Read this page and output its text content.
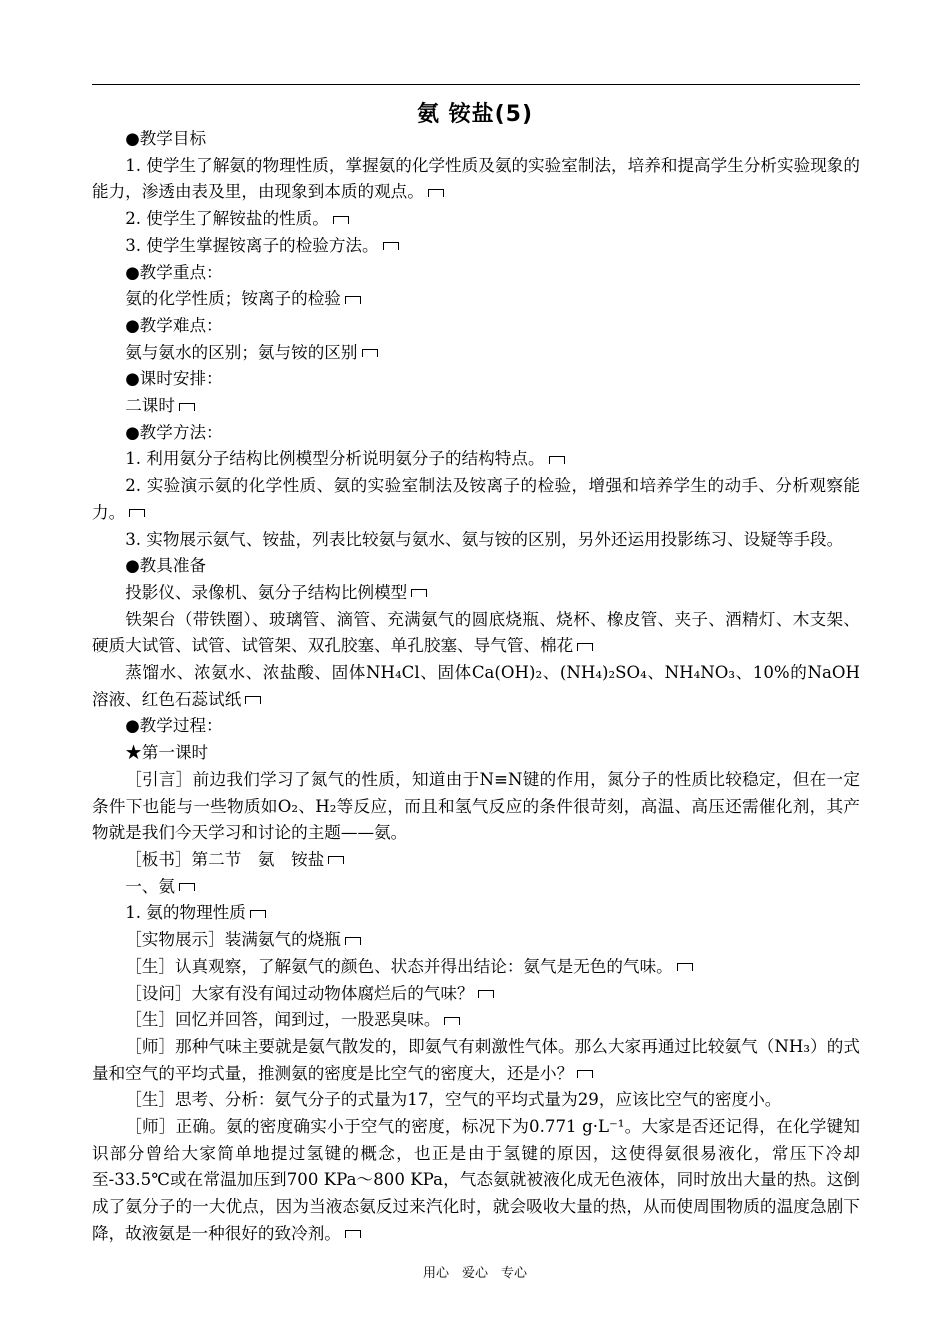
氨 铵盐(5)

●教学目标

1. 使学生了解氨的物理性质，掌握氨的化学性质及氨的实验室制法，培养和提高学生分析实验现象的能力，渗透由表及里，由现象到本质的观点。

2. 使学生了解铵盐的性质。

3. 使学生掌握铵离子的检验方法。

●教学重点：

氨的化学性质；铵离子的检验

●教学难点：

氨与氨水的区别；氨与铵的区别

●课时安排：

二课时

●教学方法：

1. 利用氨分子结构比例模型分析说明氨分子的结构特点。

2. 实验演示氨的化学性质、氨的实验室制法及铵离子的检验，增强和培养学生的动手、分析观察能力。

3. 实物展示氨气、铵盐，列表比较氨与氨水、氨与铵的区别，另外还运用投影练习、设疑等手段。

●教具准备

投影仪、录像机、氨分子结构比例模型

铁架台（带铁圈）、玻璃管、滴管、充满氨气的圆底烧瓶、烧杯、橡皮管、夹子、酒精灯、木支架、硬质大试管、试管、试管架、双孔胶塞、单孔胶塞、导气管、棉花

蒸馏水、浓氨水、浓盐酸、固体NH₄Cl、固体Ca(OH)₂、(NH₄)₂SO₄、NH₄NO₃、10%的NaOH溶液、红色石蕊试纸

●教学过程：

★第一课时

［引言］前边我们学习了氮气的性质，知道由于N≡N键的作用，氮分子的性质比较稳定，但在一定条件下也能与一些物质如O₂、H₂等反应，而且和氢气反应的条件很苛刻，高温、高压还需催化剂，其产物就是我们今天学习和讨论的主题——氨。

［板书］第二节　氨　铵盐

一、氨

1. 氨的物理性质

［实物展示］装满氨气的烧瓶

［生］认真观察，了解氨气的颜色、状态并得出结论：氨气是无色的气味。

［设问］大家有没有闻过动物体腐烂后的气味？

［生］回忆并回答，闻到过，一股恶臭味。

［师］那种气味主要就是氨气散发的，即氨气有刺激性气体。那么大家再通过比较氨气（NH₃）的式量和空气的平均式量，推测氨的密度是比空气的密度大，还是小？

［生］思考、分析：氨气分子的式量为17，空气的平均式量为29，应该比空气的密度小。

［师］正确。氨的密度确实小于空气的密度，标况下为0.771 g·L⁻¹。大家是否还记得，在化学键知识部分曾给大家简单地提过氢键的概念，也正是由于氢键的原因，这使得氨很易液化，常压下冷却至-33.5℃或在常温加压到700 KPa～800 KPa，气态氨就被液化成无色液体，同时放出大量的热。这倒成了氨分子的一大优点，因为当液态氨反过来汽化时，就会吸收大量的热，从而使周围物质的温度急剧下降，故液氨是一种很好的致冷剂。

用心　爱心　专心
